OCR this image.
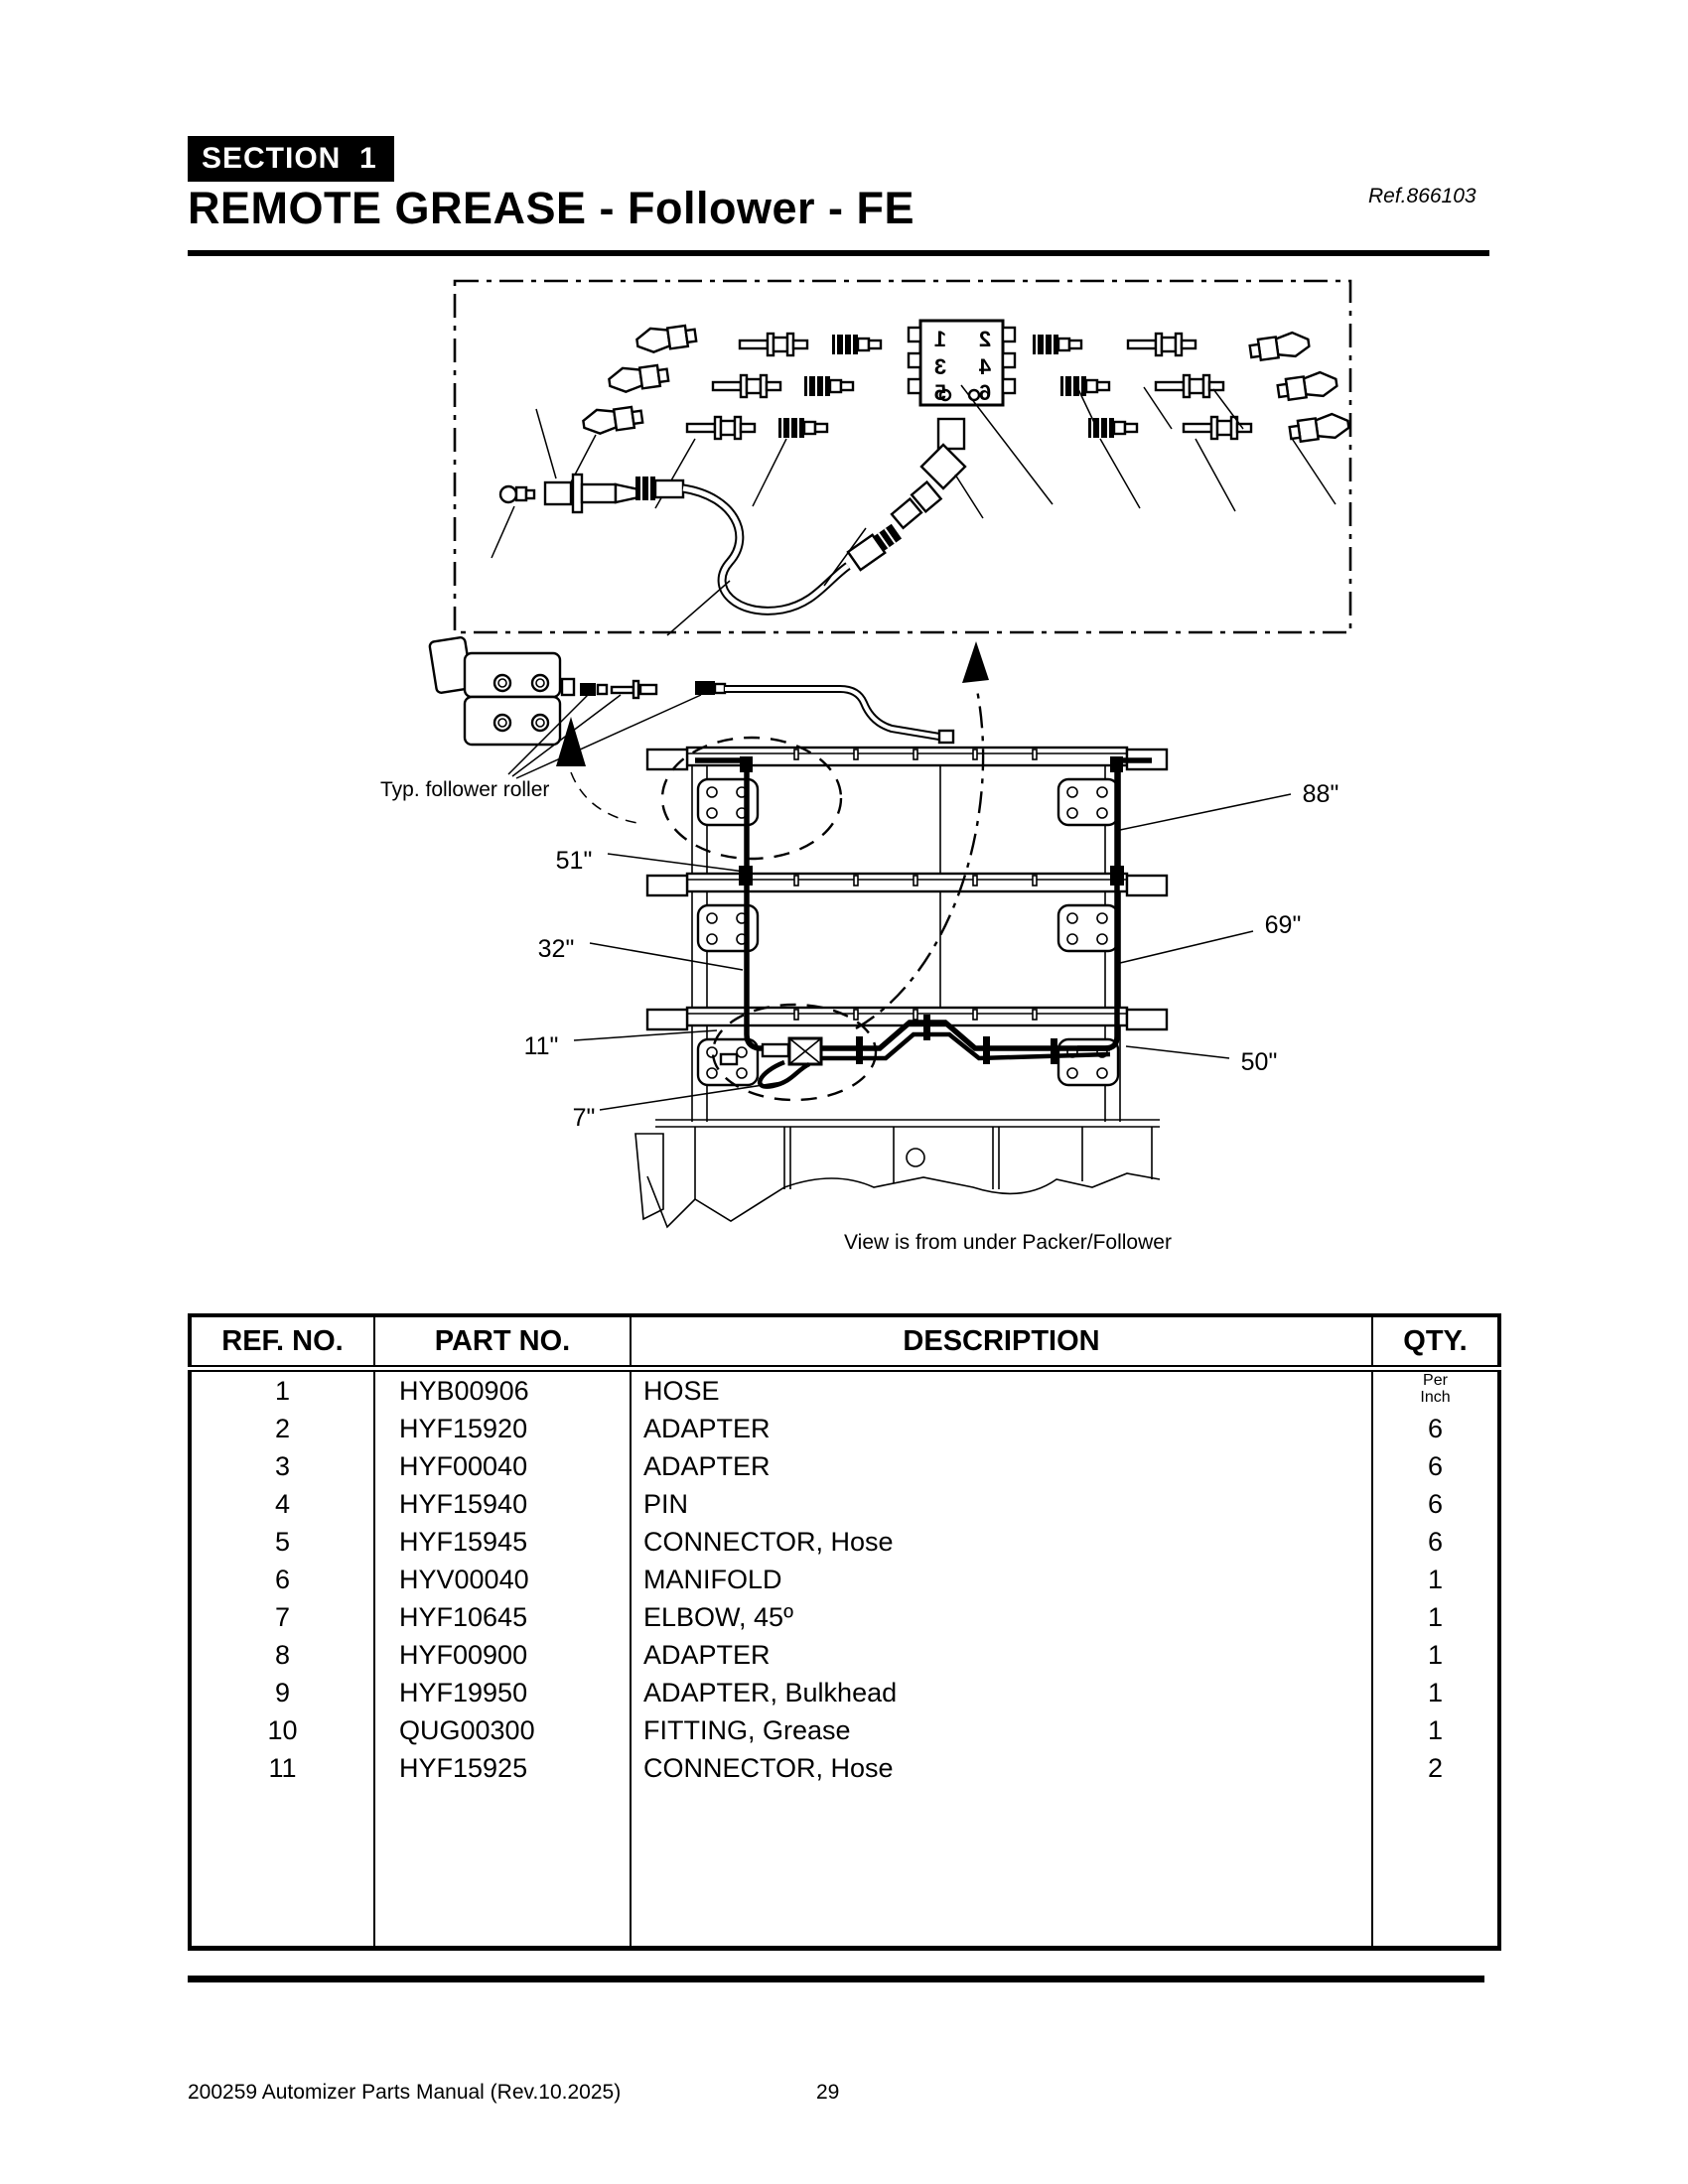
SECTION  1
REMOTE GREASE - Follower - FE	Ref.866103
1 2
3 4
5 6
Typ. follower roller
51"
32"
11"
7"
88"
69"
50"
View is from under Packer/Follower
REF. NO.	PART NO.	DESCRIPTION	QTY.
1	HYB00906	HOSE	Per Inch
2	HYF15920	ADAPTER	6
3	HYF00040	ADAPTER	6
4	HYF15940	PIN	6
5	HYF15945	CONNECTOR, Hose	6
6	HYV00040	MANIFOLD	1
7	HYF10645	ELBOW, 45º	1
8	HYF00900	ADAPTER	1
9	HYF19950	ADAPTER, Bulkhead	1
10	QUG00300	FITTING, Grease	1
11	HYF15925	CONNECTOR, Hose	2

200259 Automizer Parts Manual (Rev.10.2025)	29
